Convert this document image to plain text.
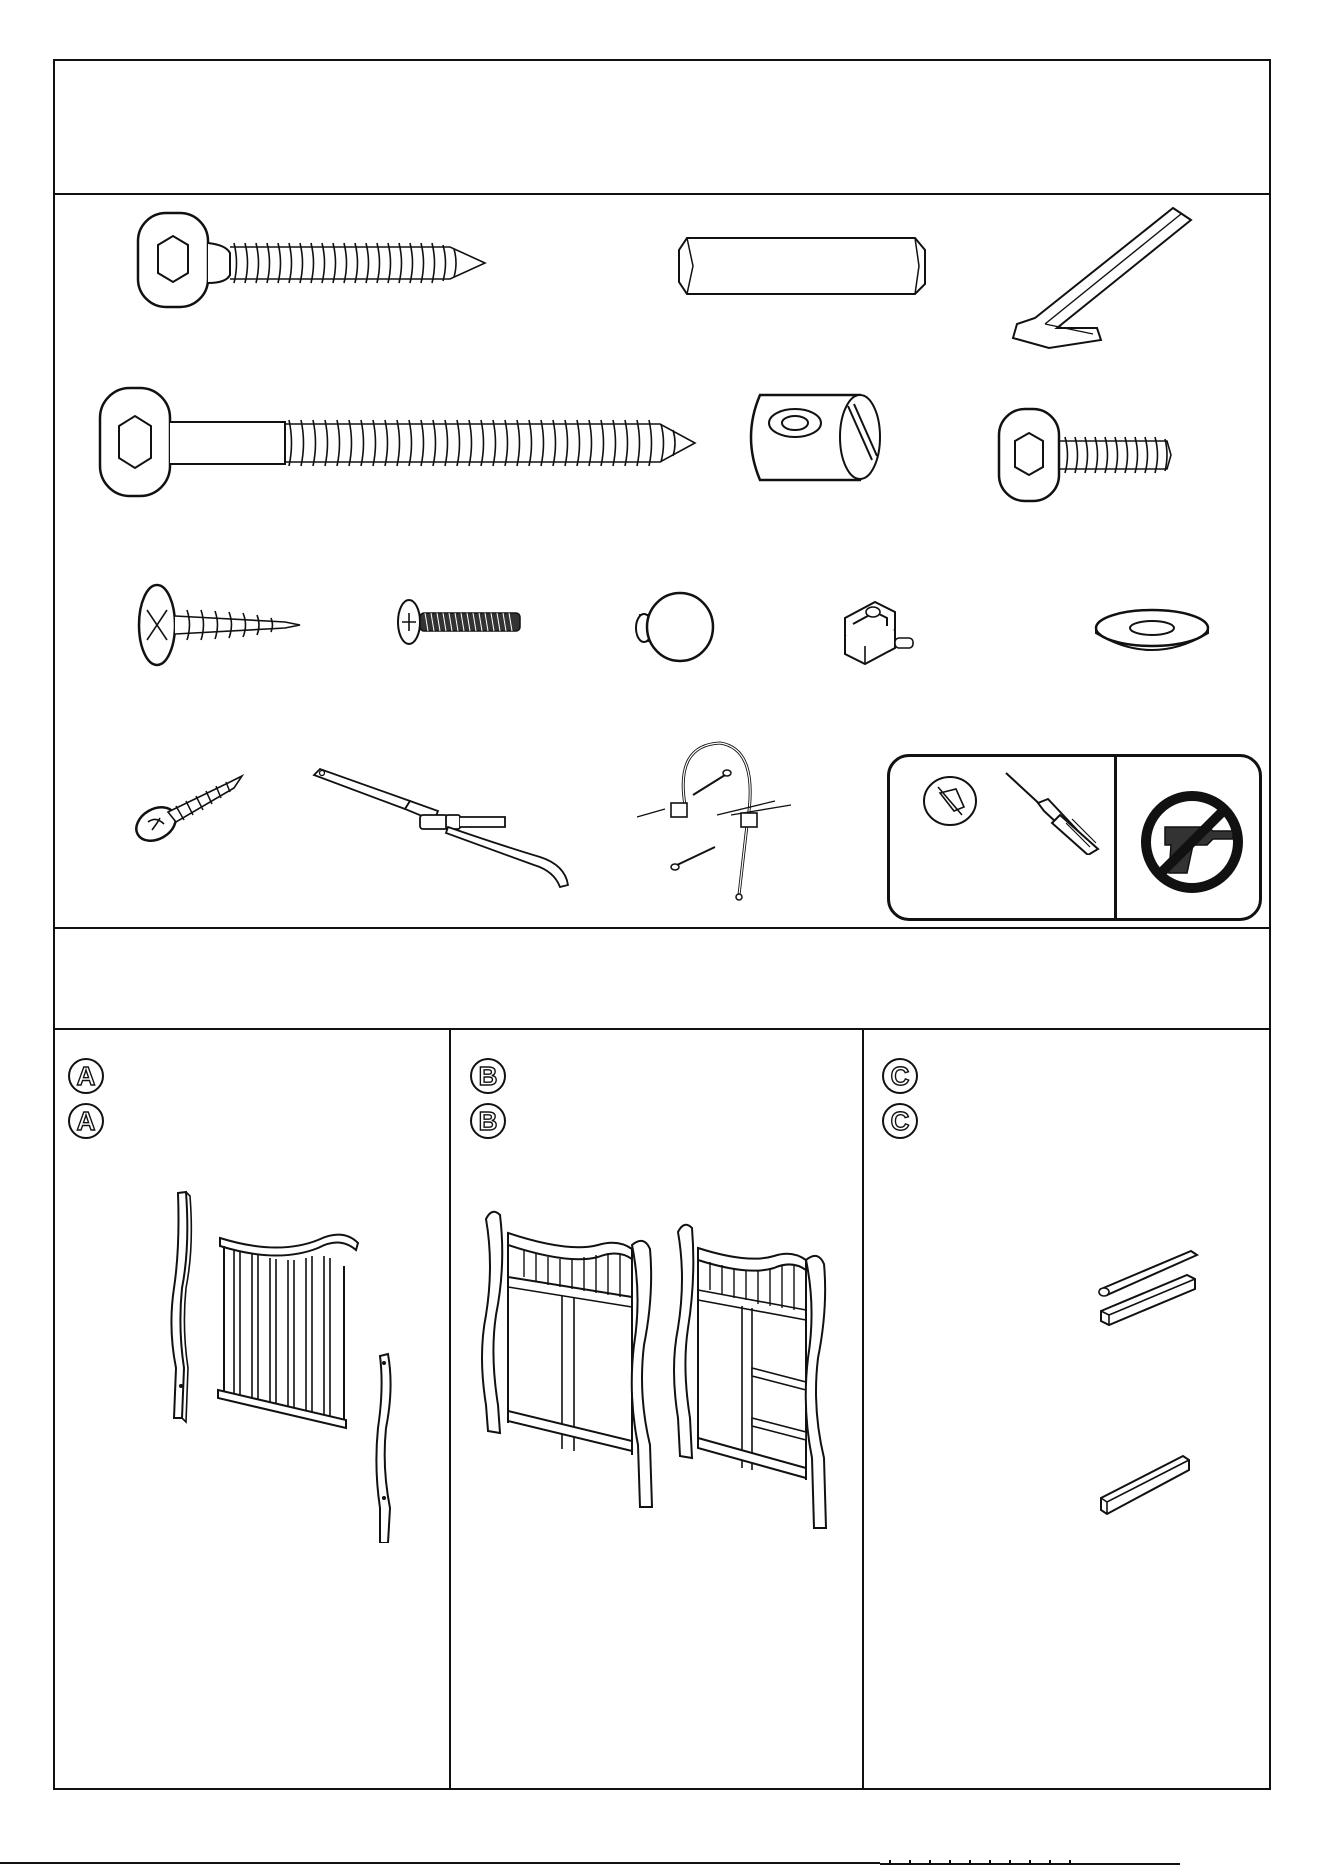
A
A
B
B
C
C
